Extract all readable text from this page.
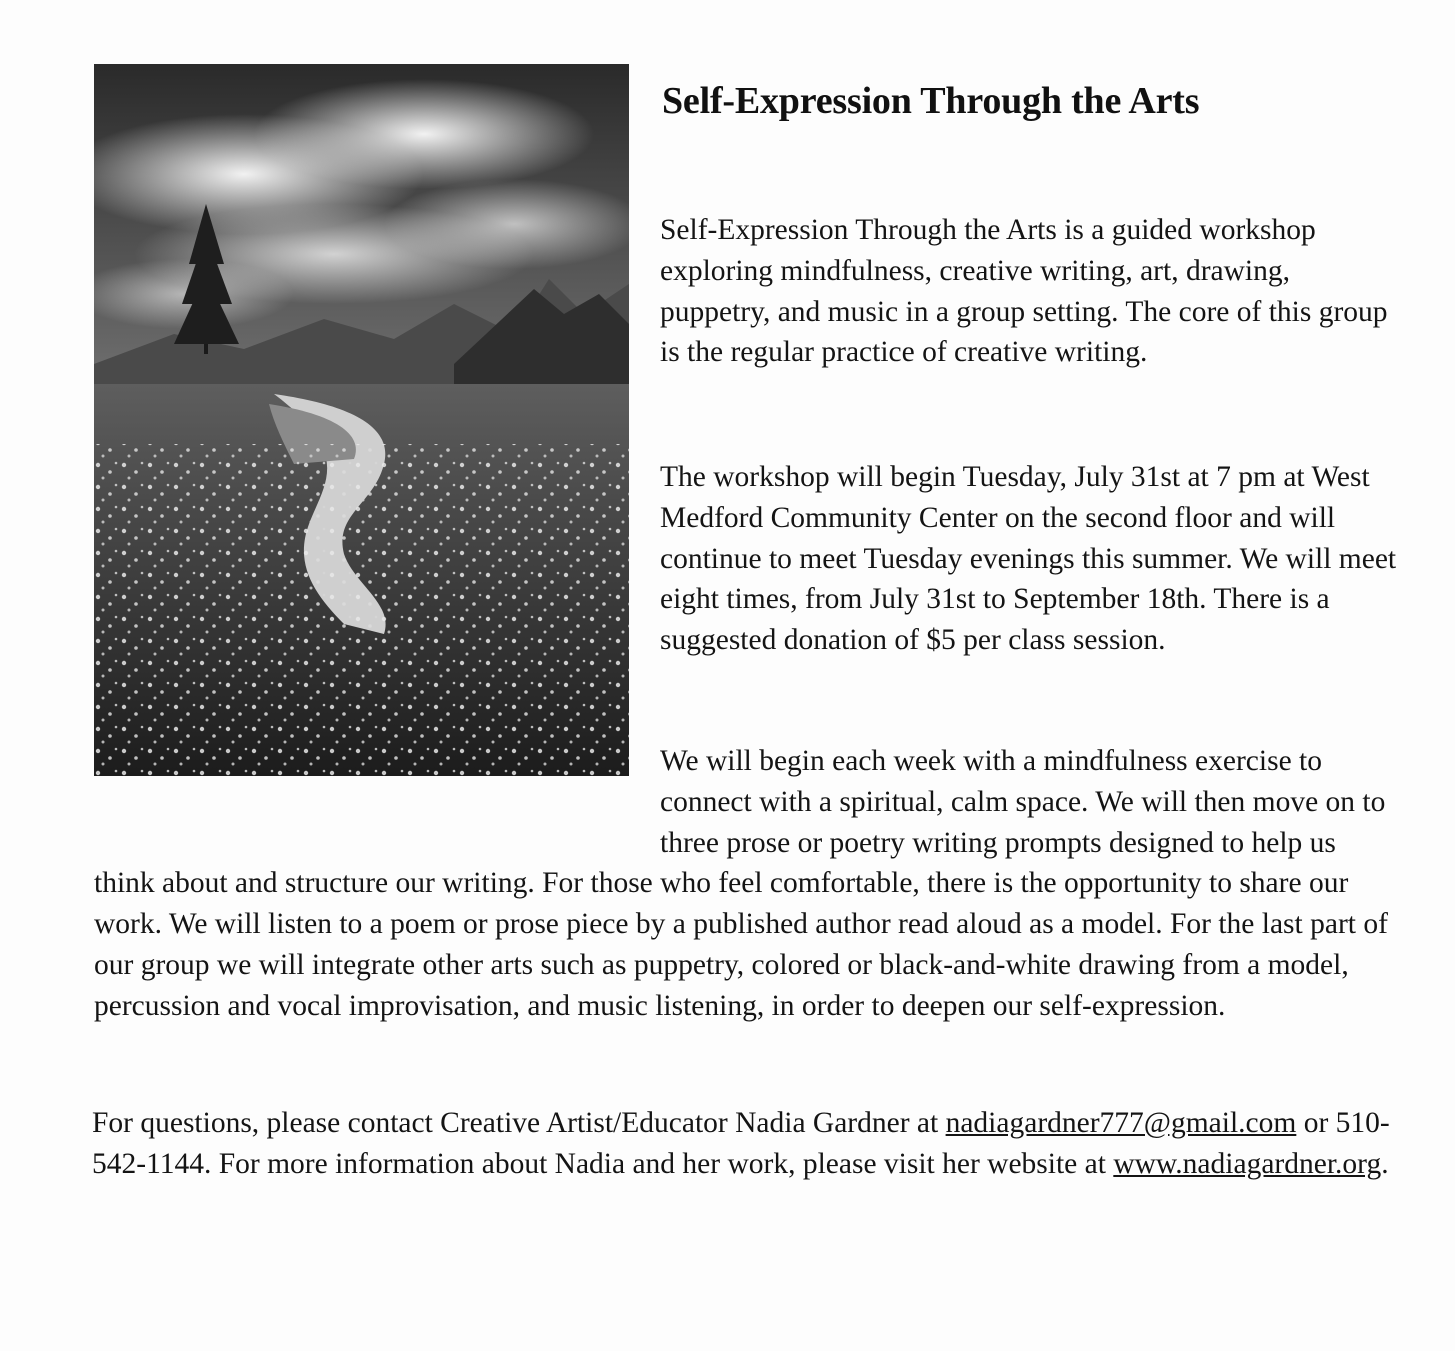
Self-Expression Through the Arts

Self-Expression Through the Arts is a guided workshop exploring mindfulness, creative writing, art, drawing, puppetry, and music in a group setting. The core of this group is the regular practice of creative writing.

The workshop will begin Tuesday, July 31st at 7 pm at West Medford Community Center on the second floor and will continue to meet Tuesday evenings this summer. We will meet eight times, from July 31st to September 18th. There is a suggested donation of $5 per class session.

We will begin each week with a mindfulness exercise to connect with a spiritual, calm space. We will then move on to three prose or poetry writing prompts designed to help us think about and structure our writing. For those who feel comfortable, there is the opportunity to share our work. We will listen to a poem or prose piece by a published author read aloud as a model. For the last part of our group we will integrate other arts such as puppetry, colored or black-and-white drawing from a model, percussion and vocal improvisation, and music listening, in order to deepen our self-expression.

For questions, please contact Creative Artist/Educator Nadia Gardner at nadiagardner777@gmail.com or 510-542-1144. For more information about Nadia and her work, please visit her website at www.nadiagardner.org.
